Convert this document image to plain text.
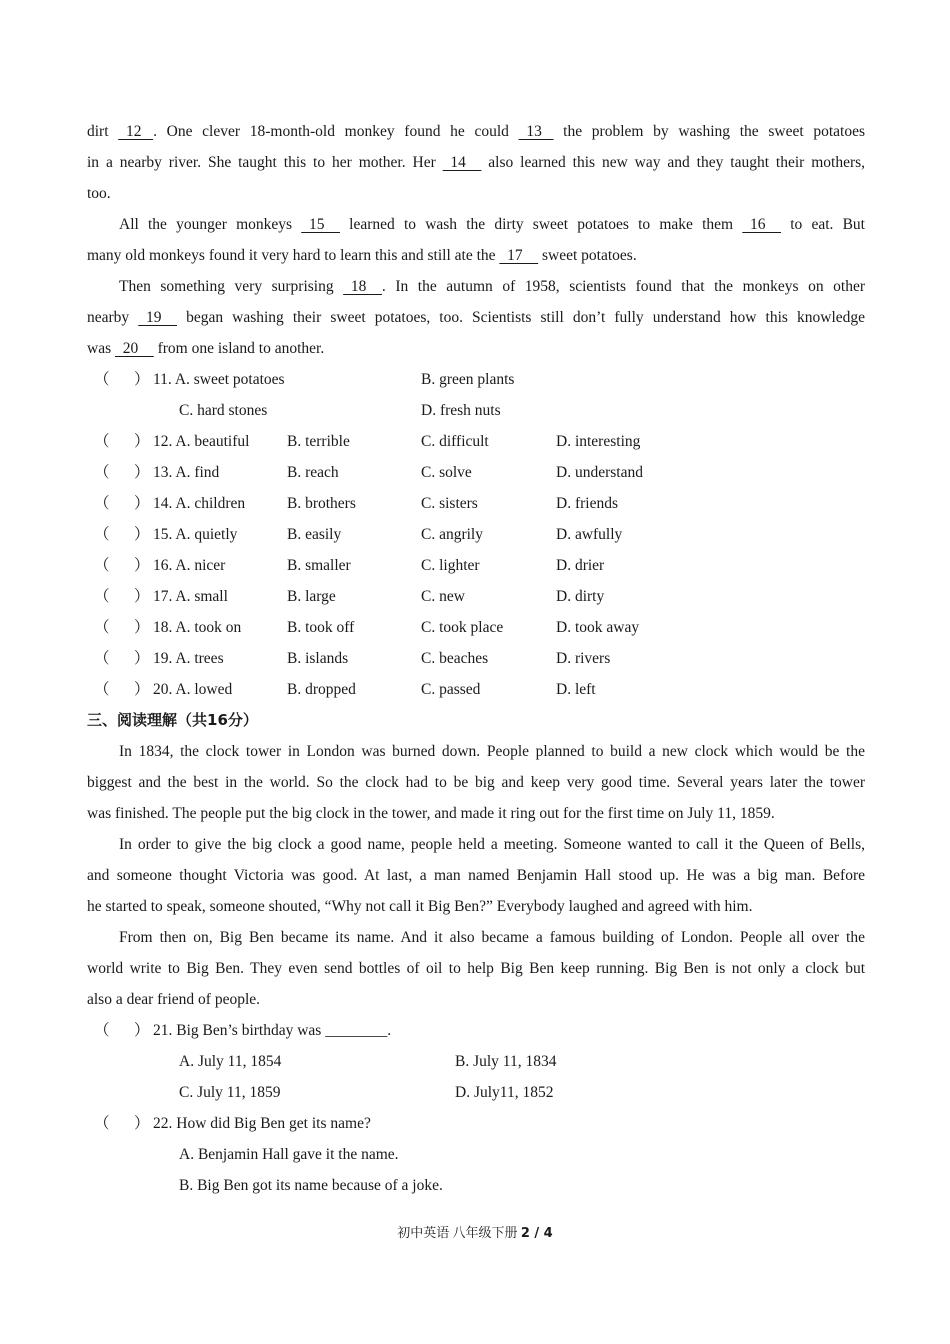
dirt   12   . One clever 18-month-old monkey found he could   13    the problem by washing the sweet potatoes
in a nearby river. She taught this to her mother. Her   14     also learned this new way and they taught their mothers,
too.
All the younger monkeys   15     learned to wash the dirty sweet potatoes to make them   16     to eat. But
many old monkeys found it very hard to learn this and still ate the   17     sweet potatoes.
Then something very surprising   18    . In the autumn of 1958, scientists found that the monkeys on other
nearby   19     began washing their sweet potatoes, too. Scientists still don’t fully understand how this knowledge
was   20     from one island to another.
（ ） 11. A. sweet potatoes	B. green plants
C. hard stones	D. fresh nuts
（ ） 12. A. beautiful B. terrible	C. difficult	D. interesting
（ ） 13. A. find	B. reach	C. solve	D. understand
（ ） 14. A. children	B. brothers	C. sisters	D. friends
（ ） 15. A. quietly	B. easily	C. angrily	D. awfully
（ ） 16. A. nicer	B. smaller	C. lighter	D. drier
（ ） 17. A. small	B. large	C. new	D. dirty
（ ） 18. A. took on	B. took off	C. took place	D. took away
（ ） 19. A. trees	B. islands	C. beaches	D. rivers
（ ） 20. A. lowed	B. dropped	C. passed	D. left
三、阅读理解（共16分）
In 1834, the clock tower in London was burned down. People planned to build a new clock which would be the
biggest and the best in the world. So the clock had to be big and keep very good time. Several years later the tower
was finished. The people put the big clock in the tower, and made it ring out for the first time on July 11, 1859.
In order to give the big clock a good name, people held a meeting. Someone wanted to call it the Queen of Bells,
and someone thought Victoria was good. At last, a man named Benjamin Hall stood up. He was a big man. Before
he started to speak, someone shouted, “Why not call it Big Ben?” Everybody laughed and agreed with him.
From then on, Big Ben became its name. And it also became a famous building of London. People all over the
world write to Big Ben. They even send bottles of oil to help Big Ben keep running. Big Ben is not only a clock but
also a dear friend of people.
（ ） 21. Big Ben’s birthday was ________.
A. July 11, 1854	B. July 11, 1834
C. July 11, 1859	D. July11, 1852
（ ） 22. How did Big Ben get its name?
A. Benjamin Hall gave it the name.
B. Big Ben got its name because of a joke.
初中英语 八年级下册 2 / 4
